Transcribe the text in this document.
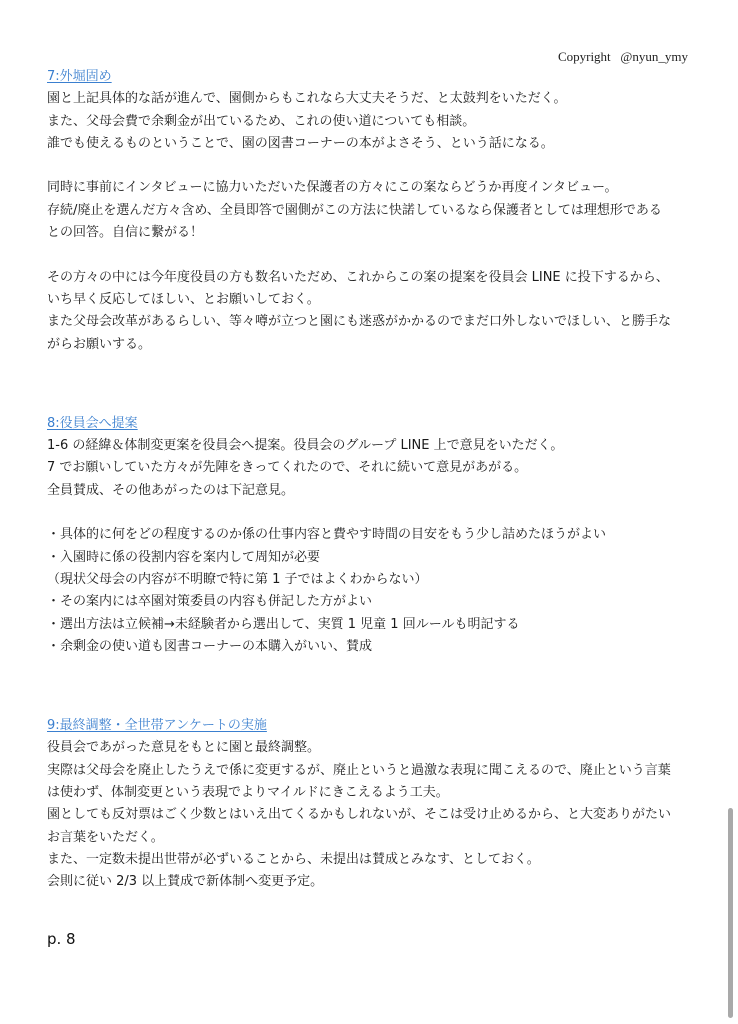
Copyright   @nyun_ymy
7:外堀固め
園と上記具体的な話が進んで、園側からもこれなら大丈夫そうだ、と太鼓判をいただく。
また、父母会費で余剰金が出ているため、これの使い道についても相談。
誰でも使えるものということで、園の図書コーナーの本がよさそう、という話になる。
同時に事前にインタビューに協力いただいた保護者の方々にこの案ならどうか再度インタビュー。
存続/廃止を選んだ方々含め、全員即答で園側がこの方法に快諾しているなら保護者としては理想形である
との回答。自信に繋がる！
その方々の中には今年度役員の方も数名いただめ、これからこの案の提案を役員会 LINE に投下するから、
いち早く反応してほしい、とお願いしておく。
また父母会改革があるらしい、等々噂が立つと園にも迷惑がかかるのでまだ口外しないでほしい、と勝手な
がらお願いする。
8:役員会へ提案
1-6 の経緯＆体制変更案を役員会へ提案。役員会のグループ LINE 上で意見をいただく。
7 でお願いしていた方々が先陣をきってくれたので、それに続いて意見があがる。
全員賛成、その他あがったのは下記意見。
・具体的に何をどの程度するのか係の仕事内容と費やす時間の目安をもう少し詰めたほうがよい
・入園時に係の役割内容を案内して周知が必要
（現状父母会の内容が不明瞭で特に第 1 子ではよくわからない）
・その案内には卒園対策委員の内容も併記した方がよい
・選出方法は立候補→未経験者から選出して、実質 1 児童 1 回ルールも明記する
・余剰金の使い道も図書コーナーの本購入がいい、賛成
9:最終調整・全世帯アンケートの実施
役員会であがった意見をもとに園と最終調整。
実際は父母会を廃止したうえで係に変更するが、廃止というと過激な表現に聞こえるので、廃止という言葉
は使わず、体制変更という表現でよりマイルドにきこえるよう工夫。
園としても反対票はごく少数とはいえ出てくるかもしれないが、そこは受け止めるから、と大変ありがたい
お言葉をいただく。
また、一定数未提出世帯が必ずいることから、未提出は賛成とみなす、としておく。
会則に従い 2/3 以上賛成で新体制へ変更予定。
p. 8
